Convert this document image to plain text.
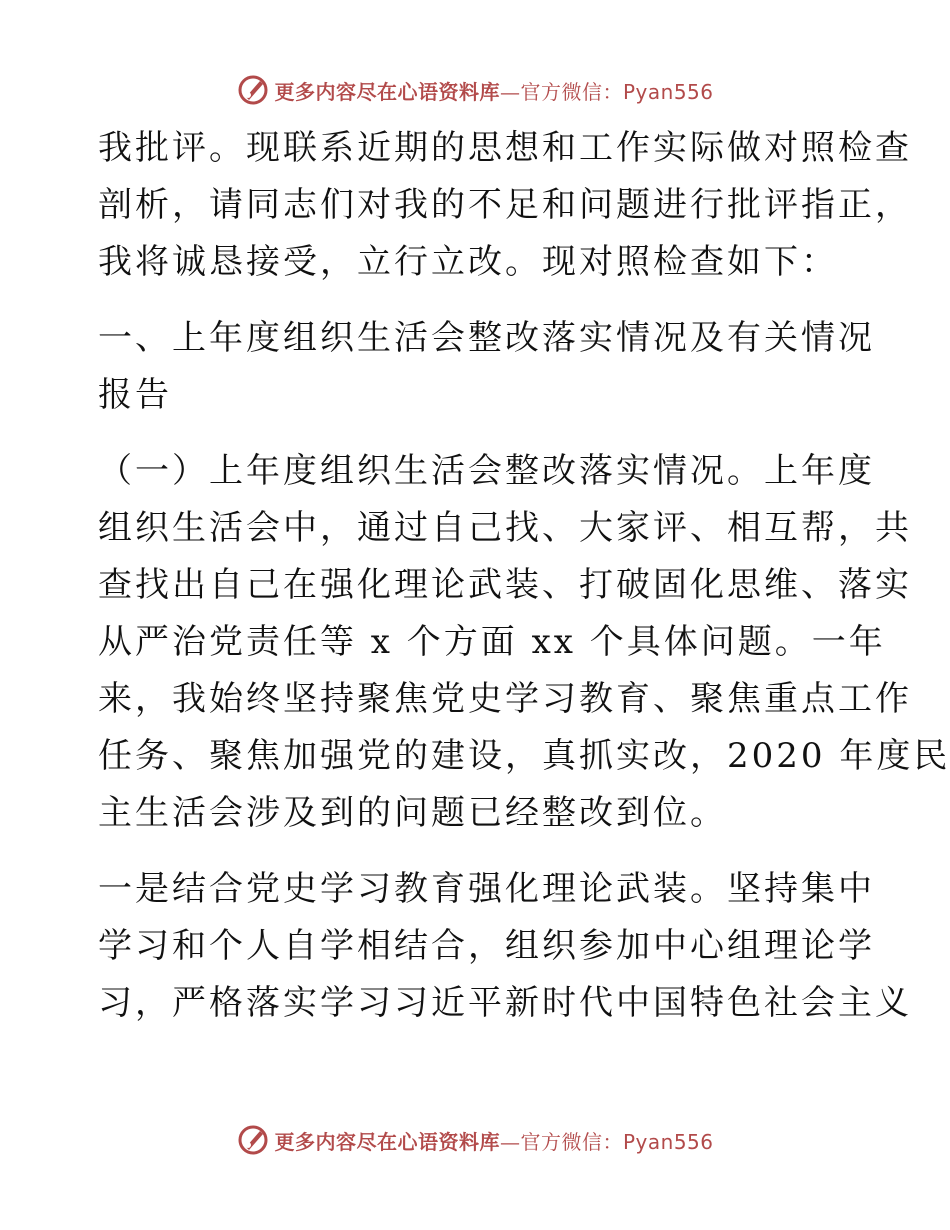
更多内容尽在心语资料库—官方微信：Pyan556
我批评。现联系近期的思想和工作实际做对照检查
剖析，请同志们对我的不足和问题进行批评指正，
我将诚恳接受，立行立改。现对照检查如下：
一、上年度组织生活会整改落实情况及有关情况
报告
（一）上年度组织生活会整改落实情况。上年度
组织生活会中，通过自己找、大家评、相互帮，共
查找出自己在强化理论武装、打破固化思维、落实
从严治党责任等 x 个方面 xx 个具体问题。一年
来，我始终坚持聚焦党史学习教育、聚焦重点工作
任务、聚焦加强党的建设，真抓实改，2020 年度民
主生活会涉及到的问题已经整改到位。
一是结合党史学习教育强化理论武装。坚持集中
学习和个人自学相结合，组织参加中心组理论学
习，严格落实学习习近平新时代中国特色社会主义
更多内容尽在心语资料库—官方微信：Pyan556
